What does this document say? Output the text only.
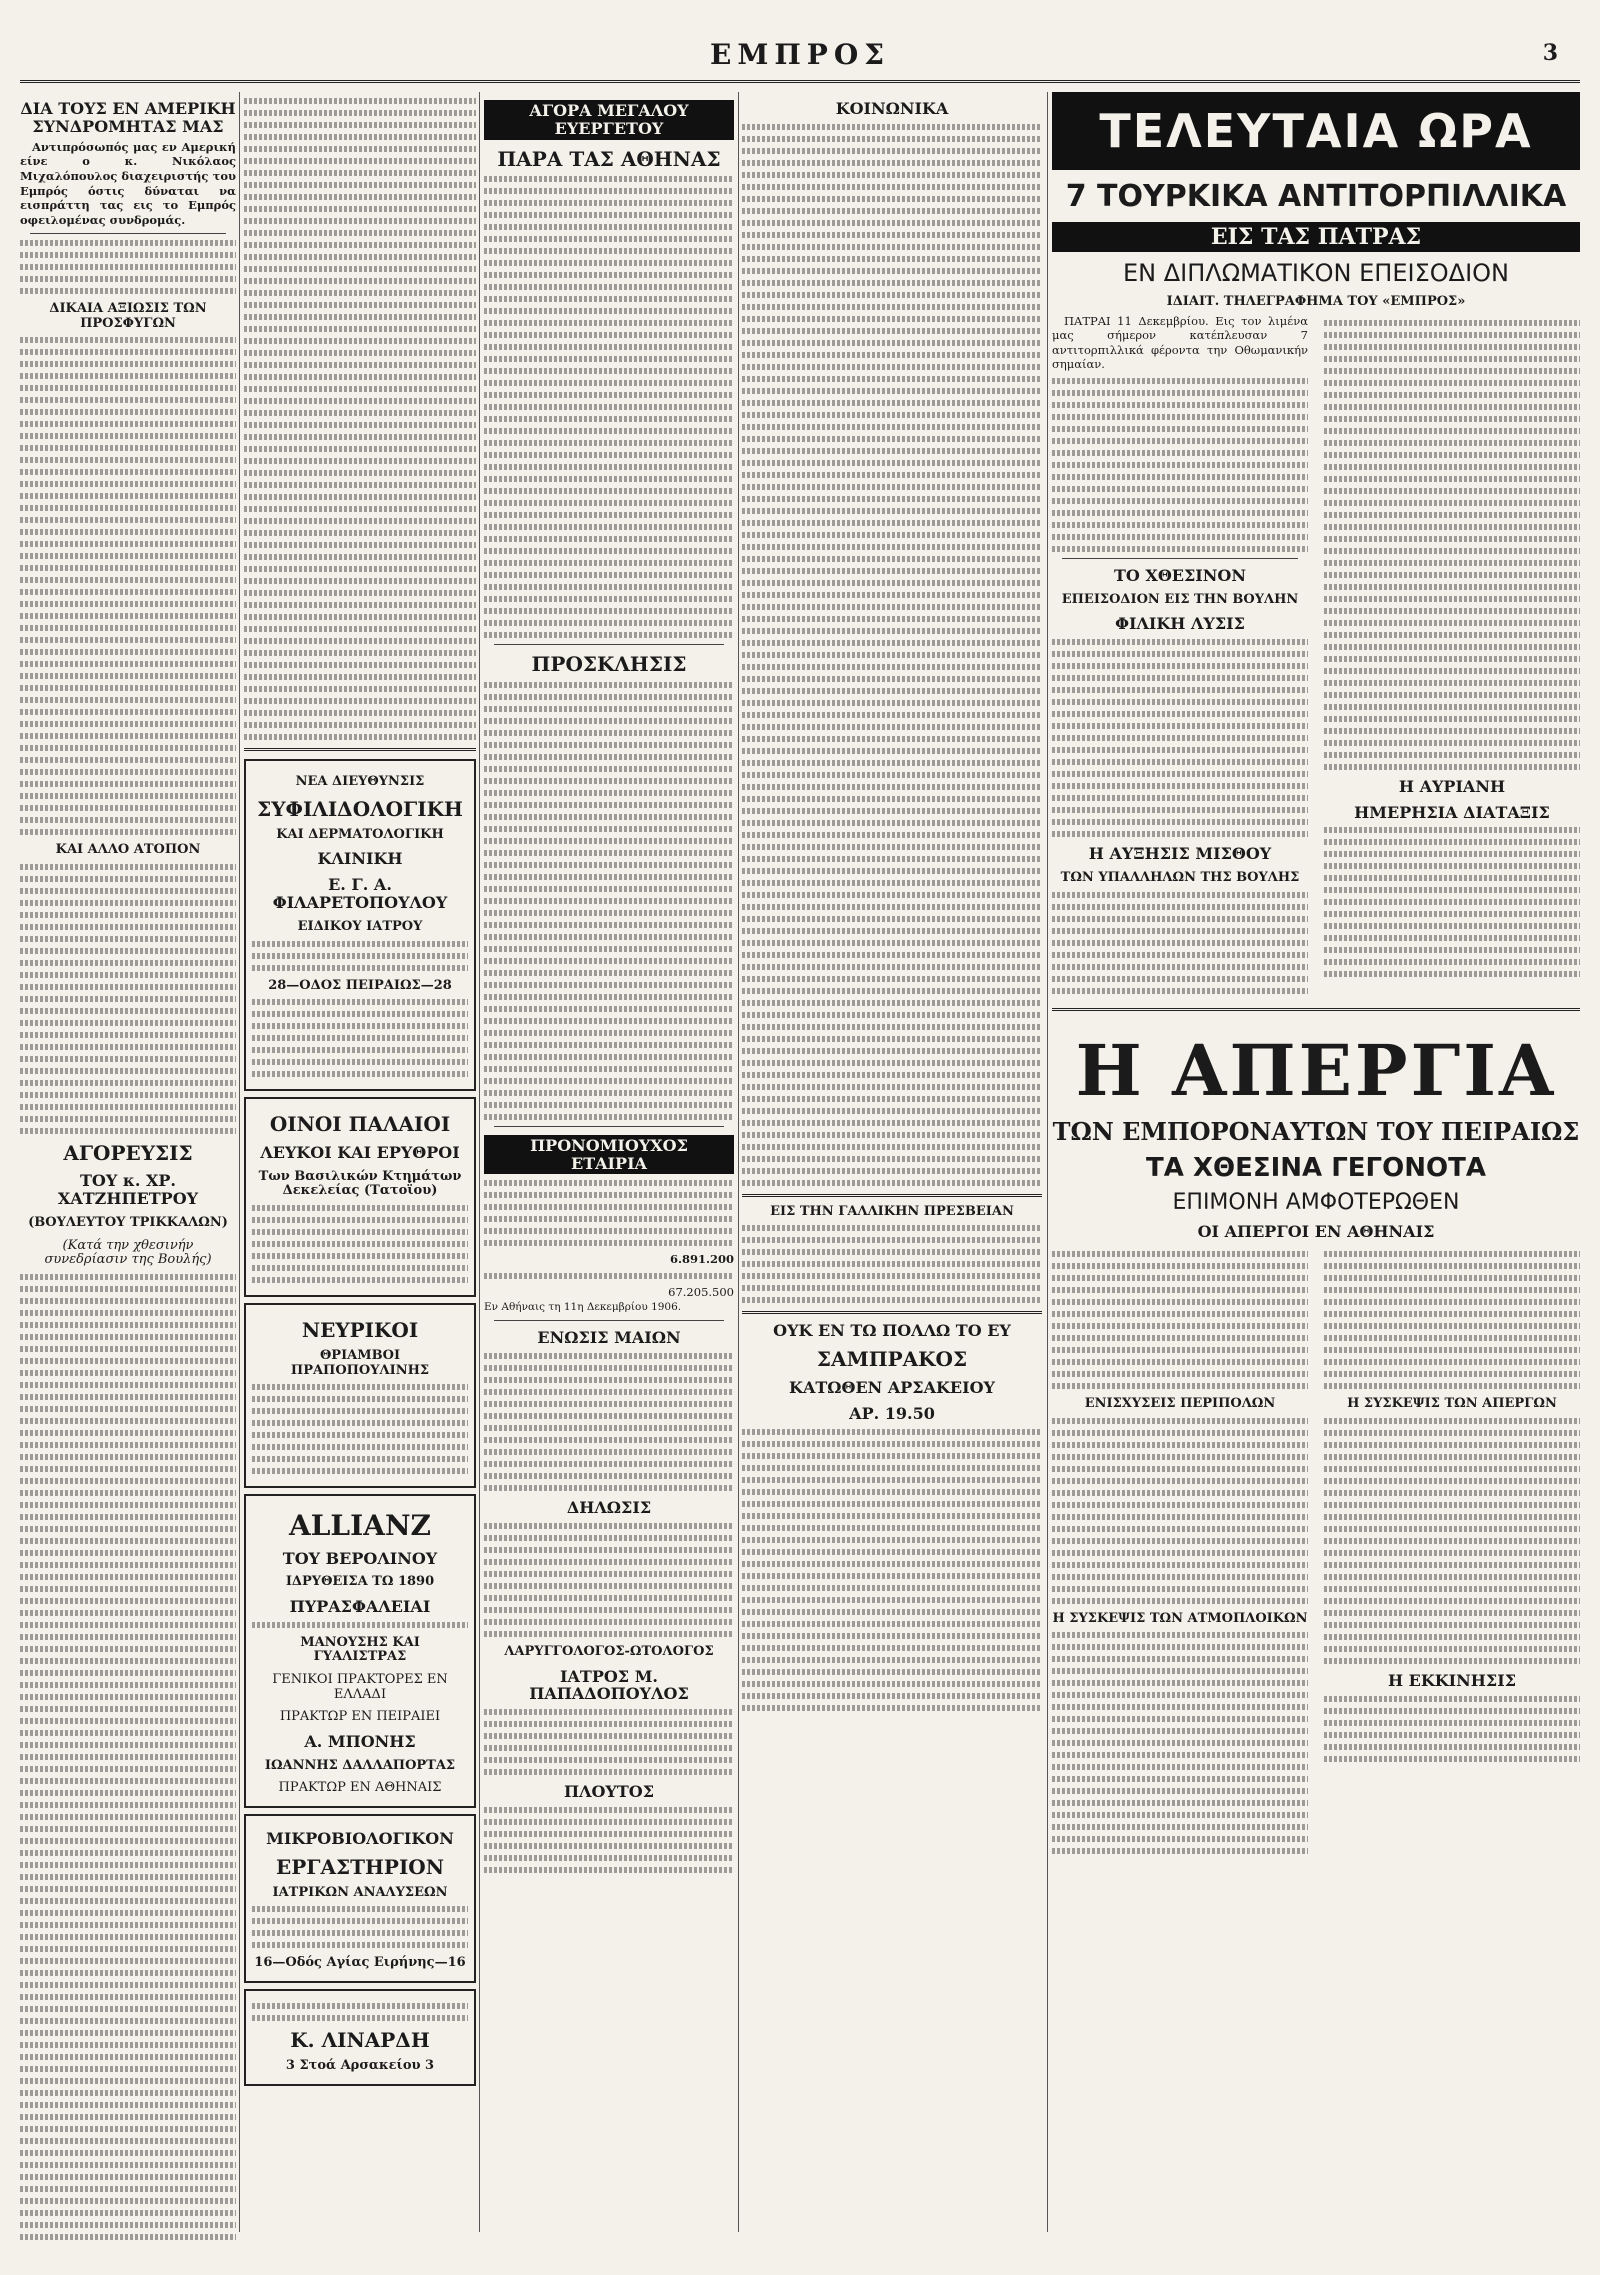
ΕΜΠΡΟΣ	3
ΔΙΑ ΤΟΥΣ ΕΝ ΑΜΕΡΙΚΗ ΣΥΝΔΡΟΜΗΤΑΣ ΜΑΣ

Αντιπρόσωπός μας εν Αμερική είνε ο κ. Νικόλαος Μιχαλόπουλος διαχειριστής του Εμπρός όστις δύναται να εισπράττη τας εις το Εμπρός οφειλομένας συνδρομάς.

ΔΙΚΑΙΑ ΑΞΙΩΣΙΣ ΤΩΝ ΠΡΟΣΦΥΓΩΝ
ΚΑΙ ΑΛΛΟ ΑΤΟΠΟΝ
ΑΓΟΡΕΥΣΙΣ
ΤΟΥ κ. ΧΡ. ΧΑΤΖΗΠΕΤΡΟΥ
(ΒΟΥΛΕΥΤΟΥ ΤΡΙΚΚΑΛΩΝ)
(Κατά την χθεσινήν συνεδρίασιν της Βουλής)
ΝΕΑ ΔΙΕΥΘΥΝΣΙΣ
ΣΥΦΙΛΙΔΟΛΟΓΙΚΗ
ΚΑΙ ΔΕΡΜΑΤΟΛΟΓΙΚΗ
ΚΛΙΝΙΚΗ
Ε. Γ. Α. ΦΙΛΑΡΕΤΟΠΟΥΛΟΥ
ΕΙΔΙΚΟΥ ΙΑΤΡΟΥ
28—ΟΔΟΣ ΠΕΙΡΑΙΩΣ—28
ΟΙΝΟΙ ΠΑΛΑΙΟΙ
ΛΕΥΚΟΙ ΚΑΙ ΕΡΥΘΡΟΙ
Των Βασιλικών Κτημάτων Δεκελείας (Τατοΐου)
ΝΕΥΡΙΚΟΙ
ΘΡΙΑΜΒΟΙ ΠΡΑΠΟΠΟΥΛΙΝΗΣ
ALLIANZ
ΤΟΥ ΒΕΡΟΛΙΝΟΥ
ΙΔΡΥΘΕΙΣΑ ΤΩ 1890
ΠΥΡΑΣΦΑΛΕΙΑΙ
ΜΑΝΟΥΣΗΣ ΚΑΙ ΓΥΑΛΙΣΤΡΑΣ
ΓΕΝΙΚΟΙ ΠΡΑΚΤΟΡΕΣ ΕΝ ΕΛΛΑΔΙ
ΠΡΑΚΤΩΡ ΕΝ ΠΕΙΡΑΙΕΙ
Α. ΜΠΟΝΗΣ
ΙΩΑΝΝΗΣ ΔΑΛΛΑΠΟΡΤΑΣ
ΠΡΑΚΤΩΡ ΕΝ ΑΘΗΝΑΙΣ
ΜΙΚΡΟΒΙΟΛΟΓΙΚΟΝ
ΕΡΓΑΣΤΗΡΙΟΝ
ΙΑΤΡΙΚΩΝ ΑΝΑΛΥΣΕΩΝ
16—Οδός Αγίας Ειρήνης—16
Κ. ΛΙΝΑΡΔΗ
3 Στοά Αρσακείου 3
ΑΓΟΡΑ ΜΕΓΑΛΟΥ ΕΥΕΡΓΕΤΟΥ
ΠΑΡΑ ΤΑΣ ΑΘΗΝΑΣ
ΠΡΟΣΚΛΗΣΙΣ
ΠΡΟΝΟΜΙΟΥΧΟΣ ΕΤΑΙΡΙΑ
6.891.200
67.205.500
Εν Αθήναις τη 11η Δεκεμβρίου 1906.
ΕΝΩΣΙΣ ΜΑΙΩΝ
ΔΗΛΩΣΙΣ
ΛΑΡΥΓΓΟΛΟΓΟΣ-ΩΤΟΛΟΓΟΣ
ΙΑΤΡΟΣ Μ. ΠΑΠΑΔΟΠΟΥΛΟΣ
ΠΛΟΥΤΟΣ
ΚΟΙΝΩΝΙΚΑ
ΕΙΣ ΤΗΝ ΓΑΛΛΙΚΗΝ ΠΡΕΣΒΕΙΑΝ
ΟΥΚ ΕΝ ΤΩ ΠΟΛΛΩ ΤΟ ΕΥ
ΣΑΜΠΡΑΚΟΣ
ΚΑΤΩΘΕΝ ΑΡΣΑΚΕΙΟΥ
ΑΡ. 19.50
ΤΕΛΕΥΤΑΙΑ ΩΡΑ
7 ΤΟΥΡΚΙΚΑ ΑΝΤΙΤΟΡΠΙΛΛΙΚΑ
ΕΙΣ ΤΑΣ ΠΑΤΡΑΣ
ΕΝ ΔΙΠΛΩΜΑΤΙΚΟΝ ΕΠΕΙΣΟΔΙΟΝ
ΙΔΙΑΙΤ. ΤΗΛΕΓΡΑΦΗΜΑ ΤΟΥ «ΕΜΠΡΟΣ»

ΠΑΤΡΑΙ 11 Δεκεμβρίου. Εις τον λιμένα μας σήμερον κατέπλευσαν 7 αντιτορπιλλικά φέροντα την Οθωμανικήν σημαίαν.

ΤΟ ΧΘΕΣΙΝΟΝ
ΕΠΕΙΣΟΔΙΟΝ ΕΙΣ ΤΗΝ ΒΟΥΛΗΝ
ΦΙΛΙΚΗ ΛΥΣΙΣ
Η ΑΥΞΗΣΙΣ ΜΙΣΘΟΥ
ΤΩΝ ΥΠΑΛΛΗΛΩΝ ΤΗΣ ΒΟΥΛΗΣ
Η ΑΥΡΙΑΝΗ
ΗΜΕΡΗΣΙΑ ΔΙΑΤΑΞΙΣ
Η ΑΠΕΡΓΙΑ
ΤΩΝ ΕΜΠΟΡΟΝΑΥΤΩΝ ΤΟΥ ΠΕΙΡΑΙΩΣ
ΤΑ ΧΘΕΣΙΝΑ ΓΕΓΟΝΟΤΑ
ΕΠΙΜΟΝΗ ΑΜΦΟΤΕΡΩΘΕΝ
ΟΙ ΑΠΕΡΓΟΙ ΕΝ ΑΘΗΝΑΙΣ
ΕΝΙΣΧΥΣΕΙΣ ΠΕΡΙΠΟΛΩΝ
Η ΣΥΣΚΕΨΙΣ ΤΩΝ ΑΤΜΟΠΛΟΙΚΩΝ
Η ΣΥΣΚΕΨΙΣ ΤΩΝ ΑΠΕΡΓΩΝ
Η ΕΚΚΙΝΗΣΙΣ
